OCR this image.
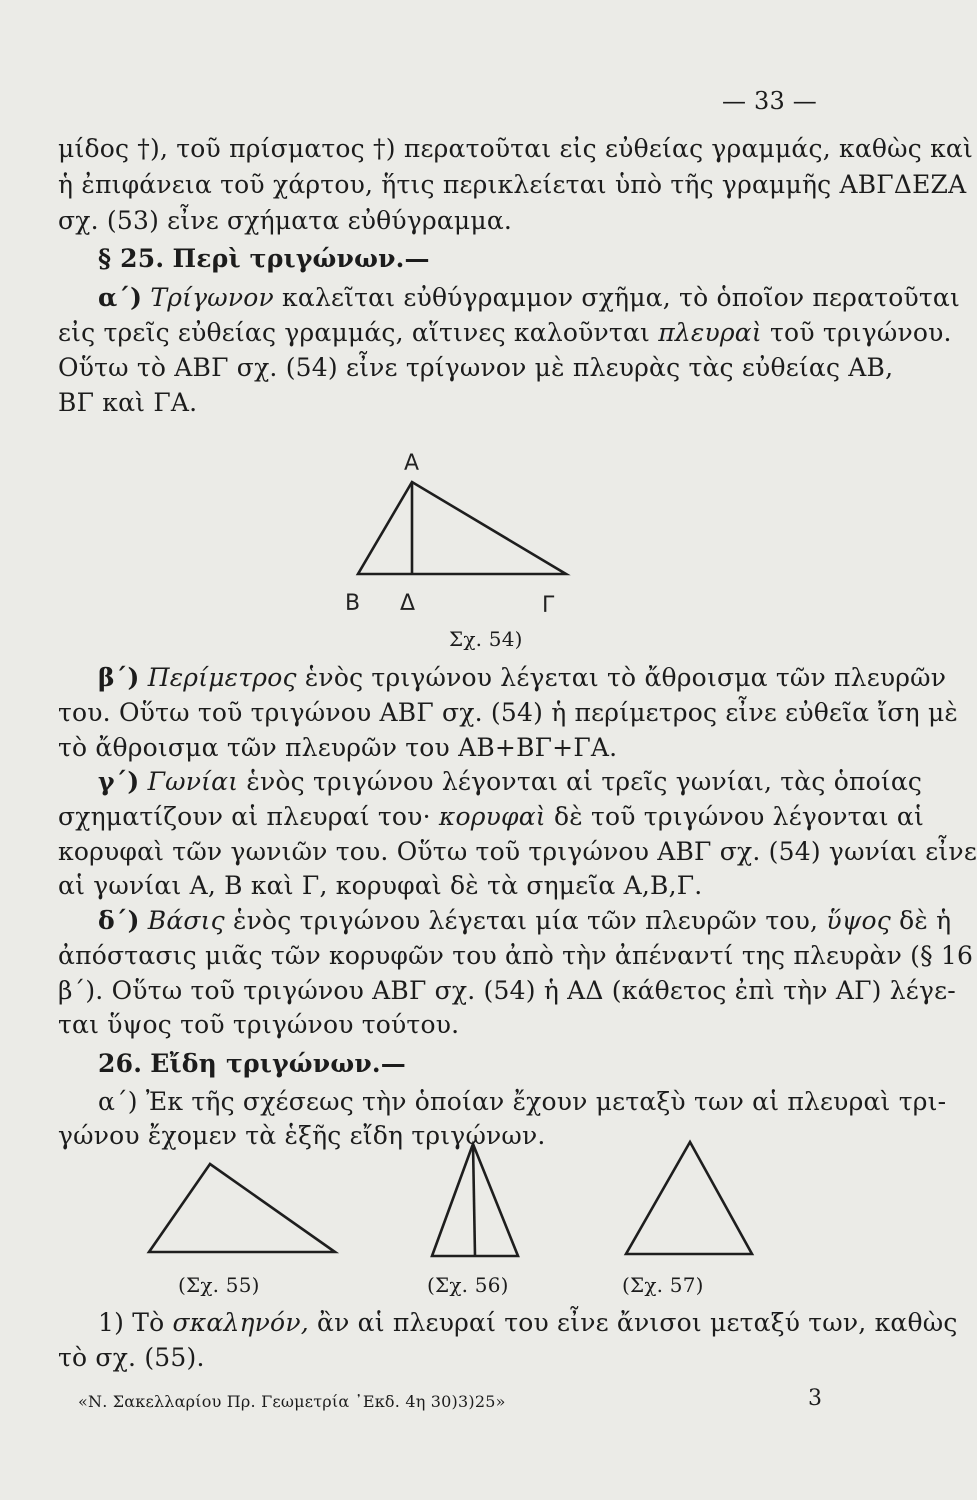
— 33 —
μίδος †), τοῦ πρίσματος †) περατοῦται εἰς εὐθείας γραμμάς, καθὼς καὶ
ἡ ἐπιφάνεια τοῦ χάρτου, ἥτις περικλείεται ὑπὸ τῆς γραμμῆς ΑΒΓΔΕΖΑ
σχ. (53) εἶνε σχήματα εὐθύγραμμα.
§ 25. Περὶ τριγώνων.—
α΄) Τρίγωνον καλεῖται εὐθύγραμμον σχῆμα, τὸ ὁποῖον περατοῦται
εἰς τρεῖς εὐθείας γραμμάς, αἵτινες καλοῦνται πλευραὶ τοῦ τριγώνου.
Οὕτω τὸ ΑΒΓ σχ. (54) εἶνε τρίγωνον μὲ πλευρὰς τὰς εὐθείας ΑΒ,
ΒΓ καὶ ΓΑ.
Α
Β Δ	Γ
Σχ. 54)
β΄) Περίμετρος ἑνὸς τριγώνου λέγεται τὸ ἄθροισμα τῶν πλευρῶν
του. Οὕτω τοῦ τριγώνου ΑΒΓ σχ. (54) ἡ περίμετρος εἶνε εὐθεῖα ἴση μὲ
τὸ ἄθροισμα τῶν πλευρῶν του ΑΒ+ΒΓ+ΓΑ.
γ΄) Γωνίαι ἑνὸς τριγώνου λέγονται αἱ τρεῖς γωνίαι, τὰς ὁποίας
σχηματίζουν αἱ πλευραί του· κορυφαὶ δὲ τοῦ τριγώνου λέγονται αἱ
κορυφαὶ τῶν γωνιῶν του. Οὕτω τοῦ τριγώνου ΑΒΓ σχ. (54) γωνίαι εἶνε
αἱ γωνίαι Α, Β καὶ Γ, κορυφαὶ δὲ τὰ σημεῖα Α,Β,Γ.
δ΄) Βάσις ἑνὸς τριγώνου λέγεται μία τῶν πλευρῶν του, ὕψος δὲ ἡ
ἀπόστασις μιᾶς τῶν κορυφῶν του ἀπὸ τὴν ἀπέναντί της πλευρὰν (§ 16
β΄). Οὕτω τοῦ τριγώνου ΑΒΓ σχ. (54) ἡ ΑΔ (κάθετος ἐπὶ τὴν ΑΓ) λέγε-
ται ὕψος τοῦ τριγώνου τούτου.
26. Εἴδη τριγώνων.—
α΄) Ἐκ τῆς σχέσεως τὴν ὁποίαν ἔχουν μεταξὺ των αἱ πλευραὶ τρι-
γώνου ἔχομεν τὰ ἑξῆς εἴδη τριγώνων.
(Σχ. 55)	(Σχ. 56)	(Σχ. 57)
1) Τὸ σκαληνόν, ἂν αἱ πλευραί του εἶνε ἄνισοι μεταξύ των, καθὼς
τὸ σχ. (55).
«Ν. Σακελλαρίου Πρ. Γεωμετρία ᾽Εκδ. 4η 30)3)25»	3
